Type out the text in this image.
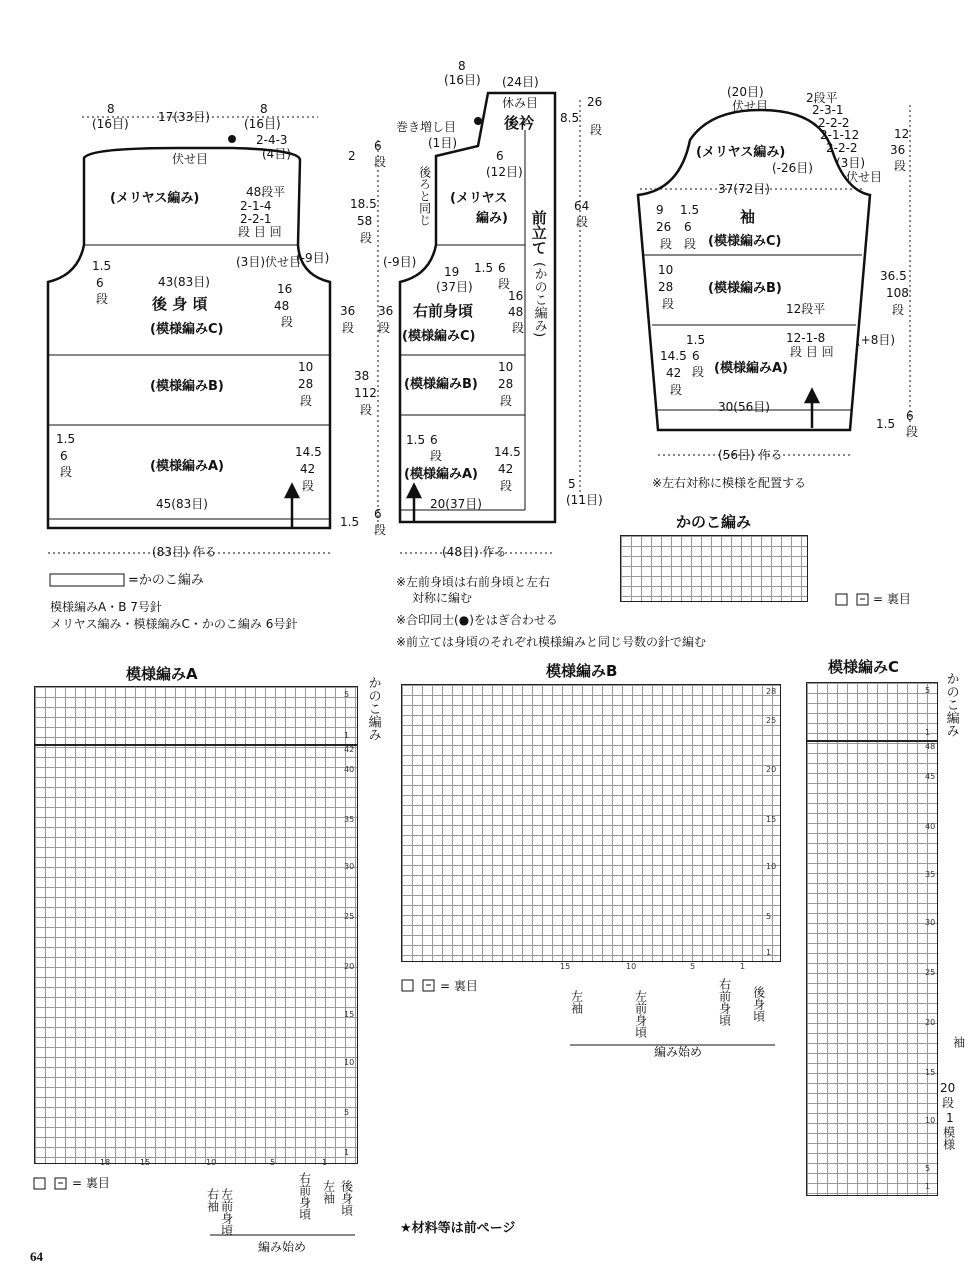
8
(16目) 17(33目)
8
(16目)
2-4-3
(4目)
伏せ目
(メリヤス編み)	48段平
2-1-4
2-2-1
段 目 回
(3目)伏せ目
(-9目)
43(83目)
後 身 頃
(模様編みC)
(模様編みB)
(模様編みA)
16
48
段
10
28
段
14.5
42
段
1.5
6
段
1.5
6
段
45(83目)
(83目) 作る
36
段
18.5
58
段
2
6
段
38
112
段
1.5
6
段
8
(16目) (24目)
休み目
後衿 8.5
26
段
巻き増し目
(1目)
後ろと同じ
6
(12目)
(メリヤス
編み) 前立て
(かのこ編み)
64
段
(-9目)
19
(37目)
1.5 6
段
16
48
段
右前身頃
(模様編みC)
(模様編みB)
(模様編みA)
36
段
10
28
段
1.5 6
段	14.5
42
段
20(37目)
5
(11目)
(48目) 作る
(20目)
伏せ目
2段平
2-3-1
2-2-2
2-1-12
2-2-2
(3目)
伏せ目
(メリヤス編み)
(-26目)
12
36
段
37(72目)
袖
(模様編みC)
(模様編みB)
(模様編みA)
9
26
段
1.5
6
段
10
28
段	12段平
12-1-8
段 目 回
(+8目)
36.5
108
段
14.5
42
段
1.5
6
段
30(56目)
1.5
6
段
(56目) 作る
※左右対称に模様を配置する
=かのこ編み
模様編みA・B 7号針
メリヤス編み・模様編みC・かのこ編み 6号針
かのこ編み
= 裏目
※左前身頃は右前身頃と左右
対称に編む
※合印同士(●)をはぎ合わせる
※前立ては身頃のそれぞれ模様編みと同じ号数の針で編む
模様編みA
かのこ編み
5
1
42
40
35
30
25
20
15
10
5
1
18	15	10	5	1
= 裏目
右袖 左前身頃	右前身頃 左袖 後身頃
編み始め
模様編みB
28
25
20
15
10
5
1
15	10	5	1
= 裏目
左袖	左前身頃	右前身頃 後身頃
編み始め
模様編みC
かのこ編み
5
1
48
45
40
35
30
25
20
15
10
5
1
袖
20
段
1
模様
★材料等は前ページ
64
